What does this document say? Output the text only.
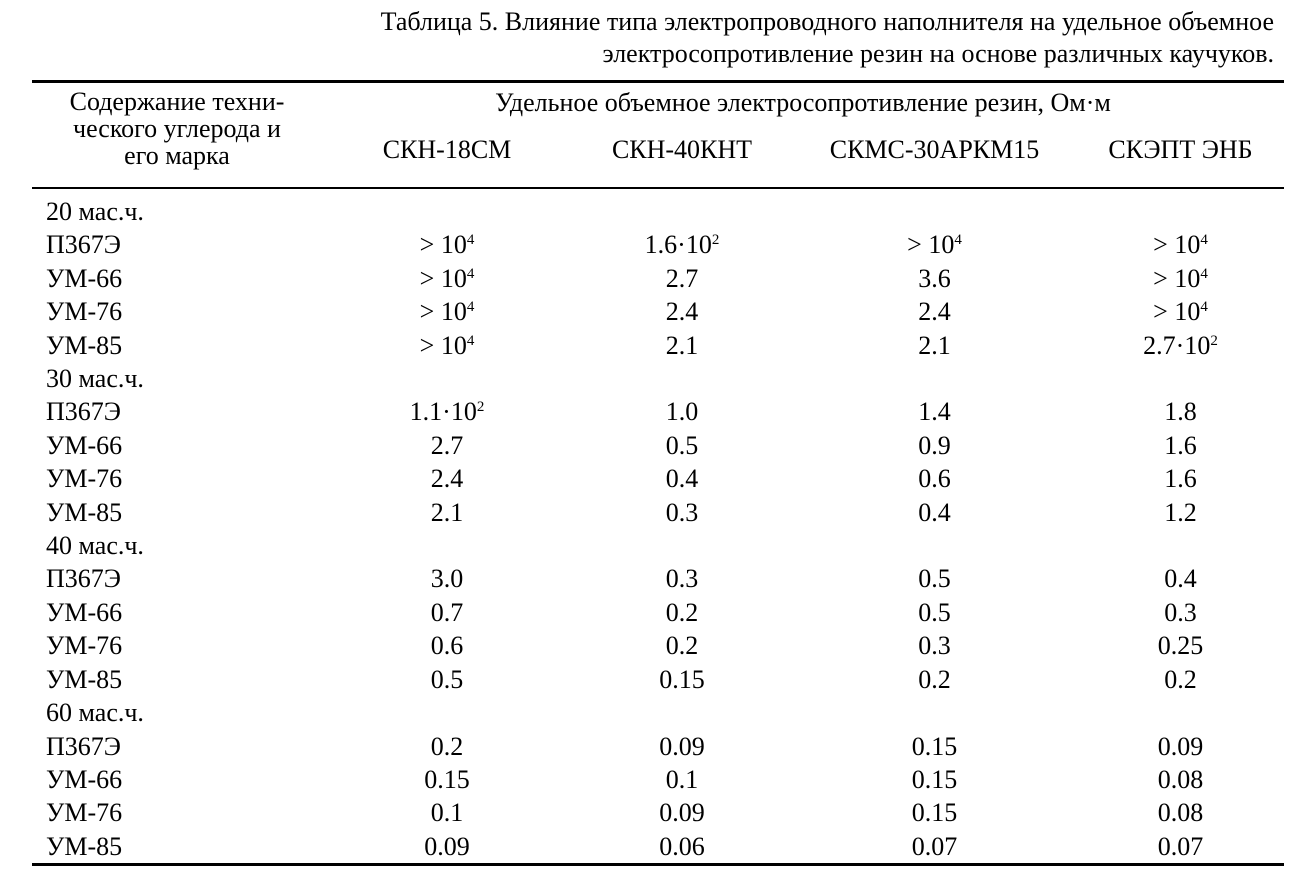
Таблица 5. Влияние типа электропроводного наполнителя на удельное объемное
электросопротивление резин на основе различных каучуков.
Содержание техни-
ческого углерода и
его марка	Удельное объемное электросопротивление резин, Ом·м			
	СКН-18СМ	СКН-40КНТ	СКМС-30АРКМ15	СКЭПТ ЭНБ
20 мас.ч.				
П367Э	> $10^4$	$1.6\cdot 10^2$	> $10^4$	> $10^4$
УМ-66	> $10^4$	2.7	3.6	> $10^4$
УМ-76	> $10^4$	2.4	2.4	> $10^4$
УМ-85	> $10^4$	2.1	2.1	$2.7\cdot 10^2$
30 мас.ч.				
П367Э	$1.1\cdot 10^2$	1.0	1.4	1.8
УМ-66	2.7	0.5	0.9	1.6
УМ-76	2.4	0.4	0.6	1.6
УМ-85	2.1	0.3	0.4	1.2
40 мас.ч.				
П367Э	3.0	0.3	0.5	0.4
УМ-66	0.7	0.2	0.5	0.3
УМ-76	0.6	0.2	0.3	0.25
УМ-85	0.5	0.15	0.2	0.2
60 мас.ч.				
П367Э	0.2	0.09	0.15	0.09
УМ-66	0.15	0.1	0.15	0.08
УМ-76	0.1	0.09	0.15	0.08
УМ-85	0.09	0.06	0.07	0.07
